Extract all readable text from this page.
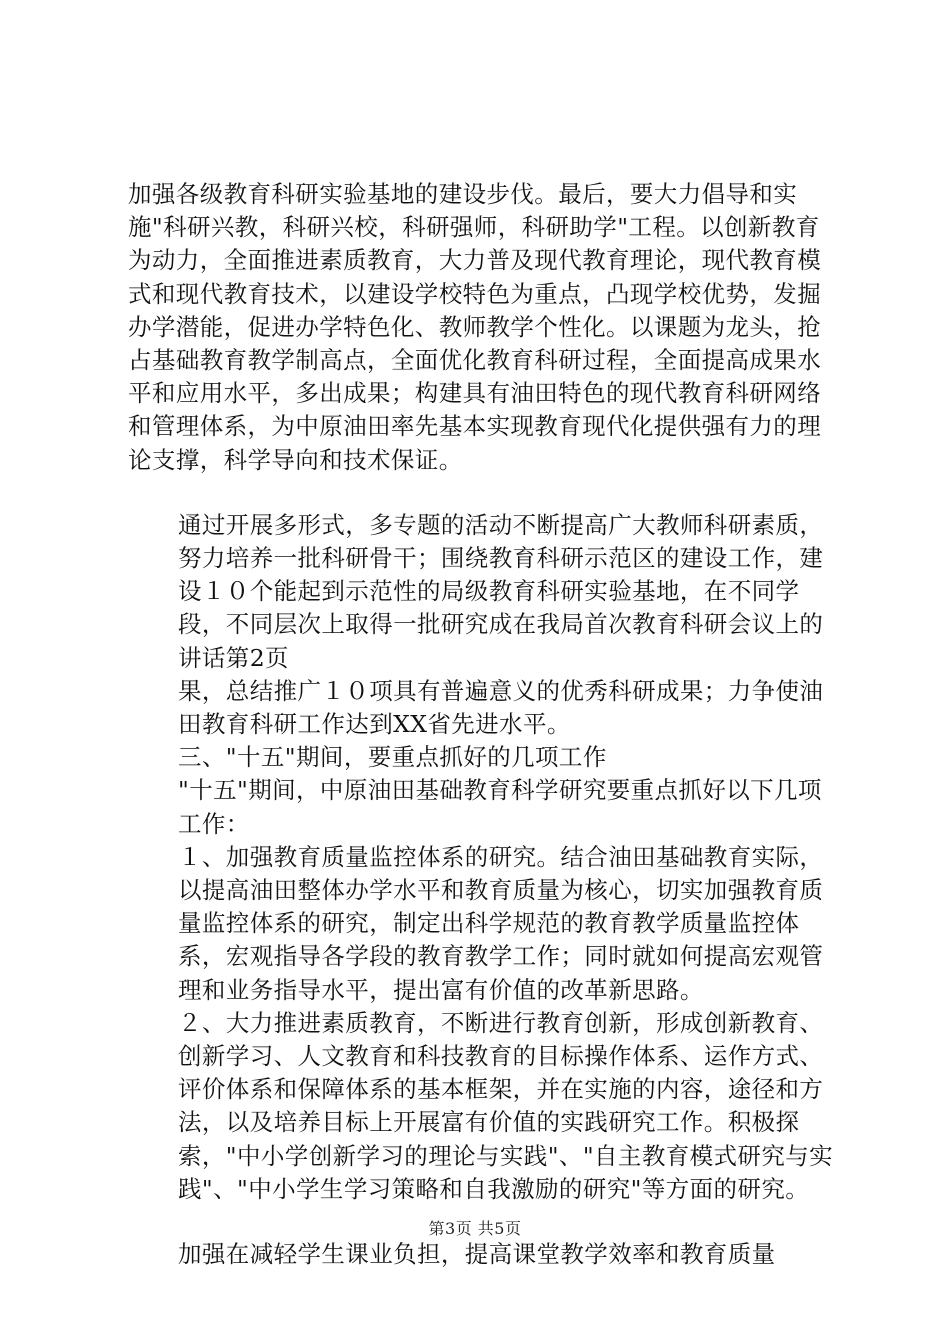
加强各级教育科研实验基地的建设步伐。最后，要大力倡导和实施"科研兴教，科研兴校，科研强师，科研助学"工程。以创新教育为动力，全面推进素质教育，大力普及现代教育理论，现代教育模式和现代教育技术，以建设学校特色为重点，凸现学校优势，发掘办学潜能，促进办学特色化、教师教学个性化。以课题为龙头，抢占基础教育教学制高点，全面优化教育科研过程，全面提高成果水平和应用水平，多出成果；构建具有油田特色的现代教育科研网络和管理体系，为中原油田率先基本实现教育现代化提供强有力的理论支撑，科学导向和技术保证。

通过开展多形式，多专题的活动不断提高广大教师科研素质，努力培养一批科研骨干；围绕教育科研示范区的建设工作，建设１０个能起到示范性的局级教育科研实验基地，在不同学段，不同层次上取得一批研究成在我局首次教育科研会议上的讲话第2页

果，总结推广１０项具有普遍意义的优秀科研成果；力争使油田教育科研工作达到XX省先进水平。

三、"十五"期间，要重点抓好的几项工作

"十五"期间，中原油田基础教育科学研究要重点抓好以下几项工作：

１、加强教育质量监控体系的研究。结合油田基础教育实际，以提高油田整体办学水平和教育质量为核心，切实加强教育质量监控体系的研究，制定出科学规范的教育教学质量监控体系，宏观指导各学段的教育教学工作；同时就如何提高宏观管理和业务指导水平，提出富有价值的改革新思路。

２、大力推进素质教育，不断进行教育创新，形成创新教育、创新学习、人文教育和科技教育的目标操作体系、运作方式、评价体系和保障体系的基本框架，并在实施的内容，途径和方法，以及培养目标上开展富有价值的实践研究工作。积极探索，"中小学创新学习的理论与实践"、"自主教育模式研究与实践"、"中小学生学习策略和自我激励的研究"等方面的研究。

加强在减轻学生课业负担，提高课堂教学效率和教育质量

第3页 共5页
